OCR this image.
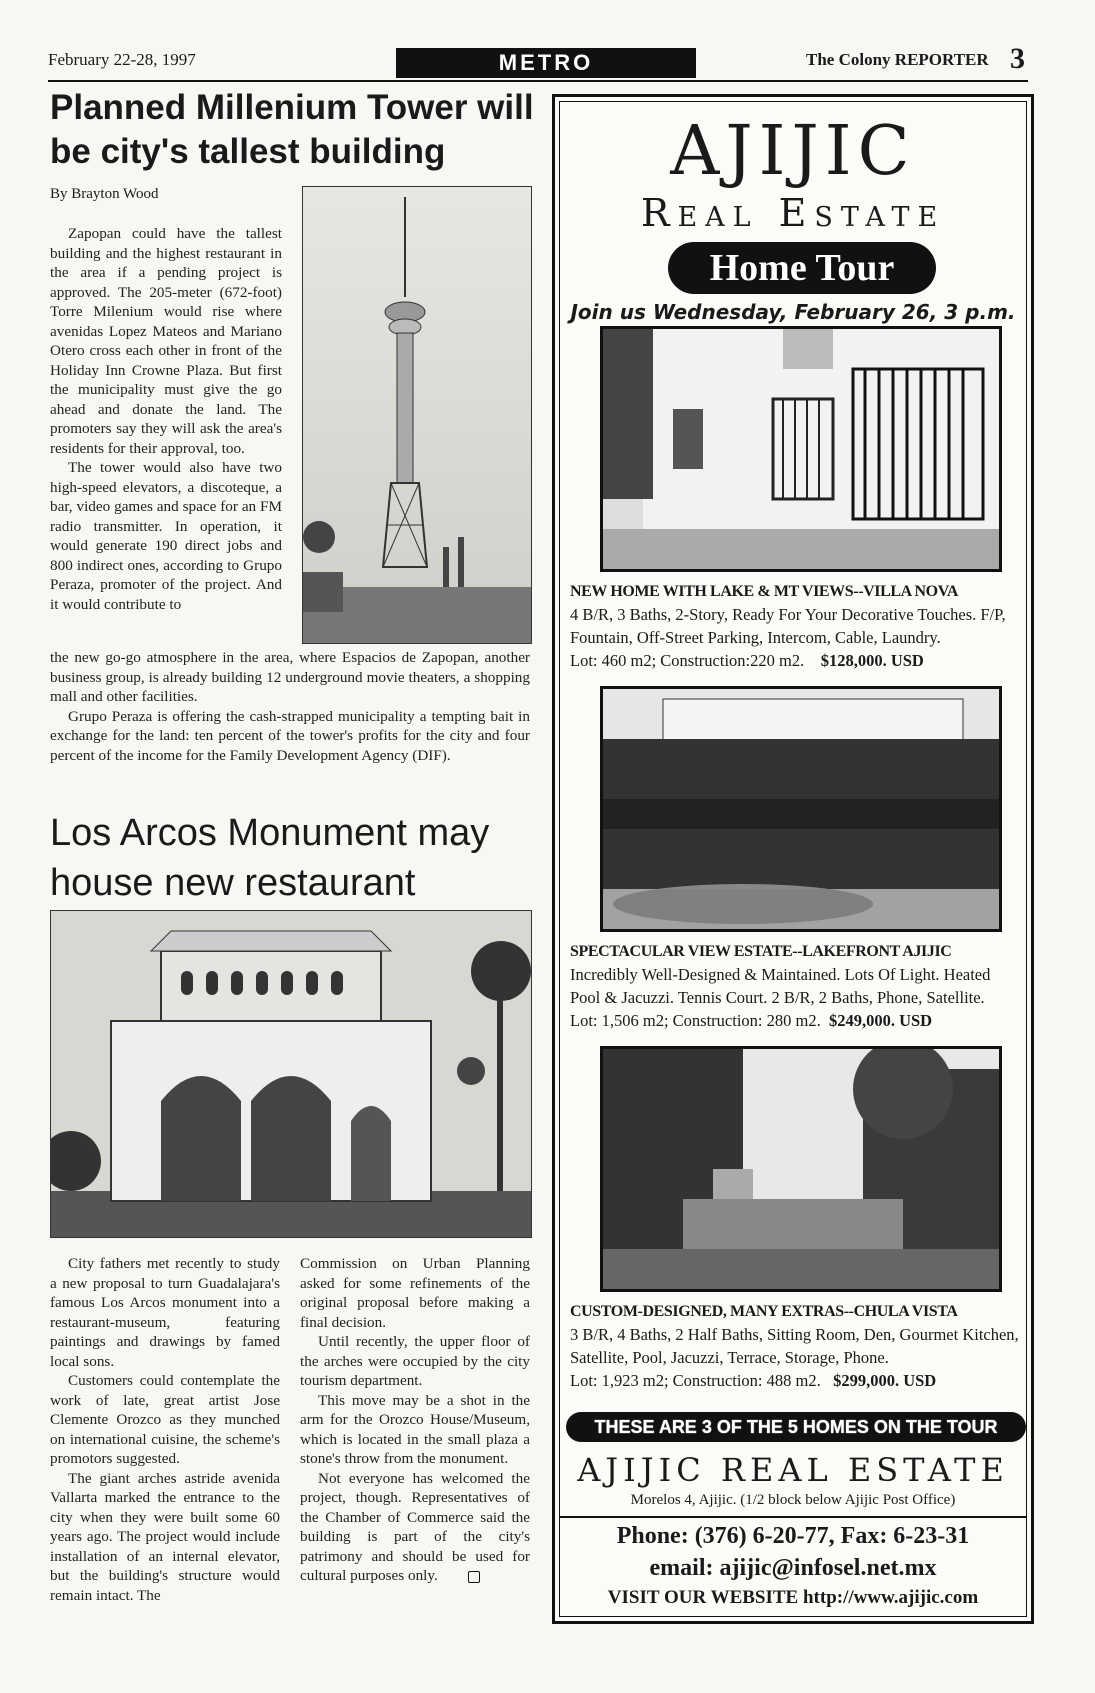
February 22-28, 1997	METRO	The Colony REPORTER 3
Planned Millenium Tower will be city's tallest building
By Brayton Wood

Zapopan could have the tallest building and the highest restaurant in the area if a pending project is approved. The 205-meter (672-foot) Torre Milenium would rise where avenidas Lopez Mateos and Mariano Otero cross each other in front of the Holiday Inn Crowne Plaza. But first the municipality must give the go ahead and donate the land. The promoters say they will ask the area's residents for their approval, too.

The tower would also have two high-speed elevators, a discoteque, a bar, video games and space for an FM radio transmitter. In operation, it would generate 190 direct jobs and 800 indirect ones, according to Grupo Peraza, promoter of the project. And it would contribute to

the new go-go atmosphere in the area, where Espacios de Zapopan, another business group, is already building 12 underground movie theaters, a shopping mall and other facilities.

Grupo Peraza is offering the cash-strapped municipality a tempting bait in exchange for the land: ten percent of the tower's profits for the city and four percent of the income for the Family Development Agency (DIF).

Los Arcos Monument may house new restaurant

City fathers met recently to study a new proposal to turn Guadalajara's famous Los Arcos monument into a restaurant-museum, featuring paintings and drawings by famed local sons.

Customers could contemplate the work of late, great artist Jose Clemente Orozco as they munched on international cuisine, the scheme's promotors suggested.

The giant arches astride avenida Vallarta marked the entrance to the city when they were built some 60 years ago. The project would include installation of an internal elevator, but the building's structure would remain intact. The

Commission on Urban Planning asked for some refinements of the original proposal before making a final decision.

Until recently, the upper floor of the arches were occupied by the city tourism department.

This move may be a shot in the arm for the Orozco House/Museum, which is located in the small plaza a stone's throw from the monument.

Not everyone has welcomed the project, though. Representatives of the Chamber of Commerce said the building is part of the city's patrimony and should be used for cultural purposes only.

AJIJIC
Real Estate
Home Tour
Join us Wednesday, February 26, 3 p.m.
NEW HOME WITH LAKE & MT VIEWS--VILLA NOVA
4 B/R, 3 Baths, 2-Story, Ready For Your Decorative Touches. F/P, Fountain, Off-Street Parking, Intercom, Cable, Laundry.
Lot: 460 m2; Construction:220 m2. $128,000. USD
SPECTACULAR VIEW ESTATE--LAKEFRONT AJIJIC
Incredibly Well-Designed & Maintained. Lots Of Light. Heated Pool & Jacuzzi. Tennis Court. 2 B/R, 2 Baths, Phone, Satellite.
Lot: 1,506 m2; Construction: 280 m2. $249,000. USD
CUSTOM-DESIGNED, MANY EXTRAS--CHULA VISTA
3 B/R, 4 Baths, 2 Half Baths, Sitting Room, Den, Gourmet Kitchen, Satellite, Pool, Jacuzzi, Terrace, Storage, Phone.
Lot: 1,923 m2; Construction: 488 m2. $299,000. USD
THESE ARE 3 OF THE 5 HOMES ON THE TOUR
AJIJIC REAL ESTATE
Morelos 4, Ajijic. (1/2 block below Ajijic Post Office)
Phone: (376) 6-20-77, Fax: 6-23-31
email: ajijic@infosel.net.mx
VISIT OUR WEBSITE http://www.ajijic.com
